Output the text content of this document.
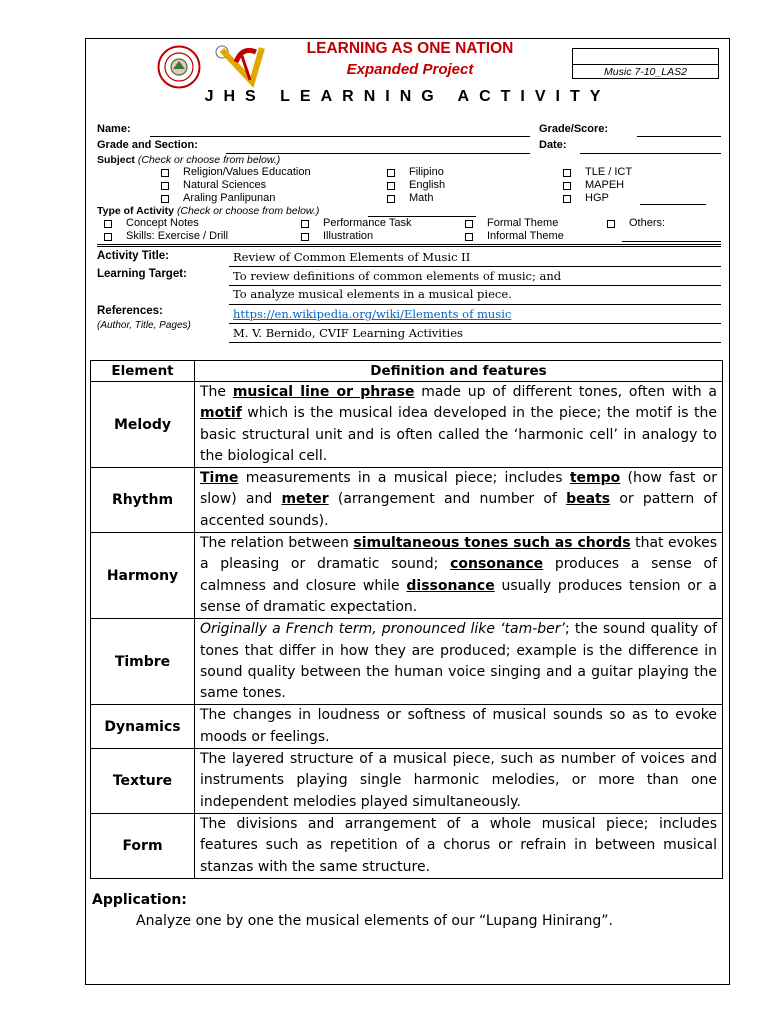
LEARNING AS ONE NATION
Expanded Project	Music 7-10_LAS2
JHS LEARNING ACTIVITY
Name:	Grade/Score:
Grade and Section:	Date:
Subject (Check or choose from below.)
Religion/Values Education
Natural Sciences
Araling Panlipunan
Filipino
English
Math
TLE / ICT
MAPEH
HGP
Type of Activity (Check or choose from below.)
Concept Notes
Skills: Exercise / Drill
Performance Task
Illustration
Formal Theme
Informal Theme
Others:
Activity Title:	Review of Common Elements of Music II
Learning Target:	To review definitions of common elements of music; and
To analyze musical elements in a musical piece.
References:
(Author, Title, Pages)
https://en.wikipedia.org/wiki/Elements of music
M. V. Bernido, CVIF Learning Activities
Element	Definition and features
Melody	The musical line or phrase made up of different tones, often with a motif which is the musical idea developed in the piece; the motif is the basic structural unit and is often called the ‘harmonic cell’ in analogy to the biological cell.
Rhythm	Time measurements in a musical piece; includes tempo (how fast or slow) and meter (arrangement and number of beats or pattern of accented sounds).
Harmony	The relation between simultaneous tones such as chords that evokes a pleasing or dramatic sound; consonance produces a sense of calmness and closure while dissonance usually produces tension or a sense of dramatic expectation.
Timbre	Originally a French term, pronounced like ‘tam-ber’; the sound quality of tones that differ in how they are produced; example is the difference in sound quality between the human voice singing and a guitar playing the same tones.
Dynamics	The changes in loudness or softness of musical sounds so as to evoke moods or feelings.
Texture	The layered structure of a musical piece, such as number of voices and instruments playing single harmonic melodies, or more than one independent melodies played simultaneously.
Form	The divisions and arrangement of a whole musical piece; includes features such as repetition of a chorus or refrain in between musical stanzas with the same structure.
Application:
Analyze one by one the musical elements of our “Lupang Hinirang”.
